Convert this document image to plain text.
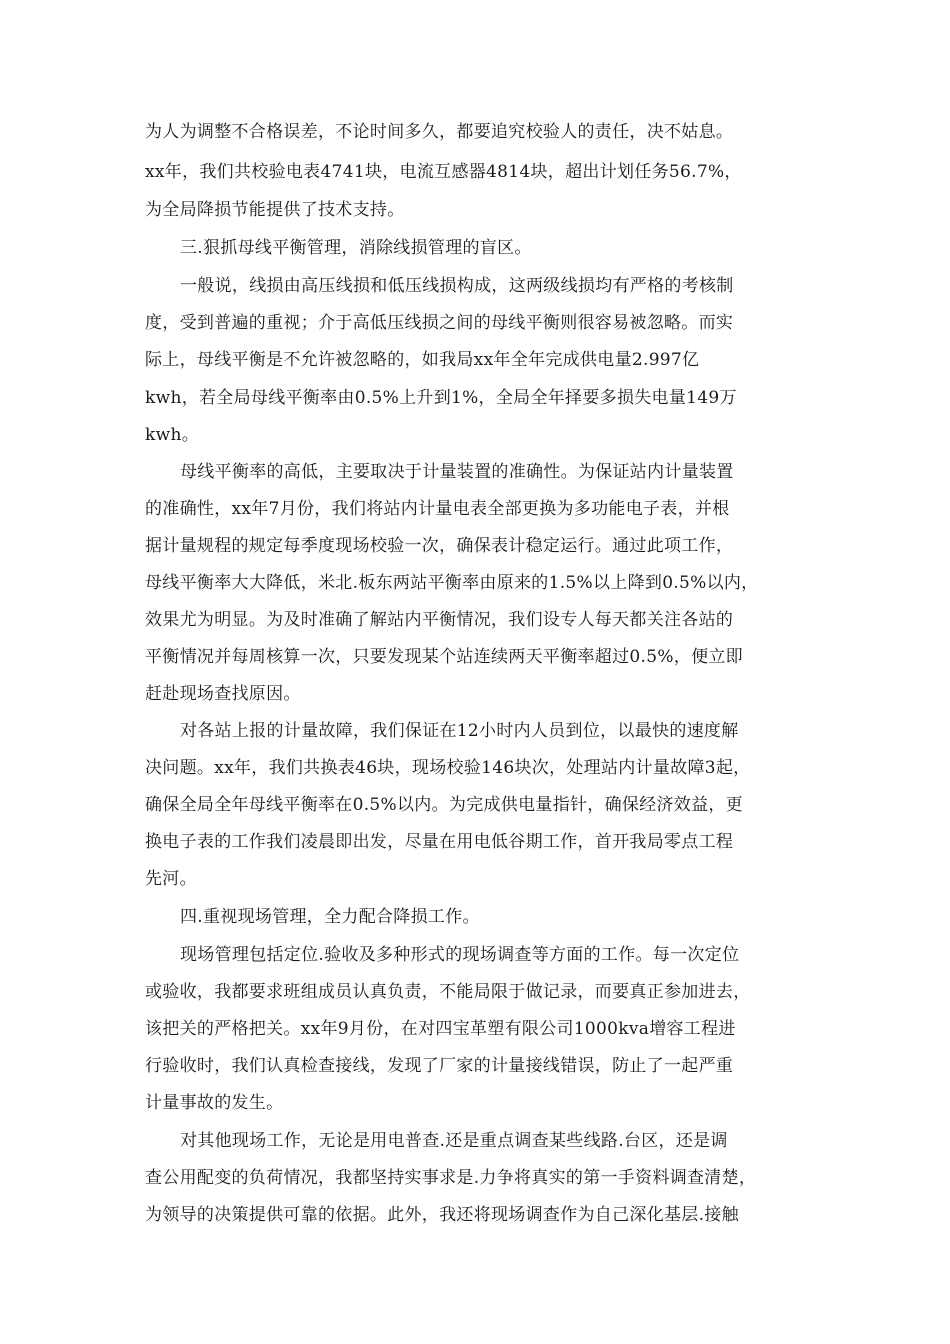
为人为调整不合格误差，不论时间多久，都要追究校验人的责任，决不姑息。
xx年，我们共校验电表4741块，电流互感器4814块，超出计划任务56.7%，
为全局降损节能提供了技术支持。
三.狠抓母线平衡管理，消除线损管理的盲区。
一般说，线损由高压线损和低压线损构成，这两级线损均有严格的考核制
度，受到普遍的重视；介于高低压线损之间的母线平衡则很容易被忽略。而实
际上，母线平衡是不允许被忽略的，如我局xx年全年完成供电量2.997亿
kwh，若全局母线平衡率由0.5%上升到1%，全局全年择要多损失电量149万
kwh。
母线平衡率的高低，主要取决于计量装置的准确性。为保证站内计量装置
的准确性，xx年7月份，我们将站内计量电表全部更换为多功能电子表，并根
据计量规程的规定每季度现场校验一次，确保表计稳定运行。通过此项工作，
母线平衡率大大降低，米北.板东两站平衡率由原来的1.5%以上降到0.5%以内，
效果尤为明显。为及时准确了解站内平衡情况，我们设专人每天都关注各站的
平衡情况并每周核算一次，只要发现某个站连续两天平衡率超过0.5%，便立即
赶赴现场查找原因。
对各站上报的计量故障，我们保证在12小时内人员到位，以最快的速度解
决问题。xx年，我们共换表46块，现场校验146块次，处理站内计量故障3起，
确保全局全年母线平衡率在0.5%以内。为完成供电量指针，确保经济效益，更
换电子表的工作我们凌晨即出发，尽量在用电低谷期工作，首开我局零点工程
先河。
四.重视现场管理，全力配合降损工作。
现场管理包括定位.验收及多种形式的现场调查等方面的工作。每一次定位
或验收，我都要求班组成员认真负责，不能局限于做记录，而要真正参加进去，
该把关的严格把关。xx年9月份，在对四宝革塑有限公司1000kva增容工程进
行验收时，我们认真检查接线，发现了厂家的计量接线错误，防止了一起严重
计量事故的发生。
对其他现场工作，无论是用电普查.还是重点调查某些线路.台区，还是调
查公用配变的负荷情况，我都坚持实事求是.力争将真实的第一手资料调查清楚，
为领导的决策提供可靠的依据。此外，我还将现场调查作为自己深化基层.接触
